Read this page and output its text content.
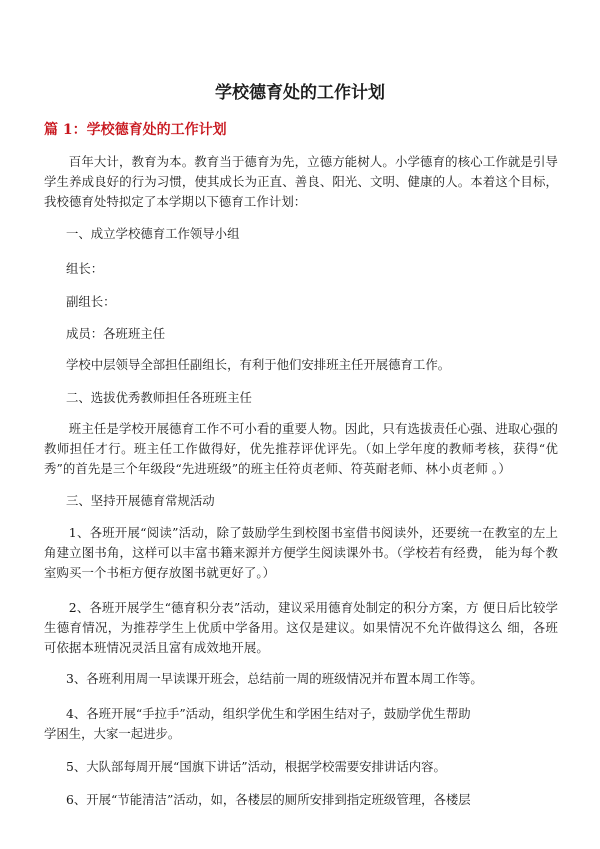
学校德育处的工作计划
篇 1：学校德育处的工作计划

百年大计，教育为本。教育当于德育为先，立德方能树人。小学德育的核心工作就是引导学生养成良好的行为习惯，使其成长为正直、善良、阳光、文明、健康的人。本着这个目标，我校德育处特拟定了本学期以下德育工作计划：

一、成立学校德育工作领导小组

组长：

副组长：

成员：各班班主任

学校中层领导全部担任副组长，有利于他们安排班主任开展德育工作。

二、选拔优秀教师担任各班班主任

班主任是学校开展德育工作不可小看的重要人物。因此，只有选拔责任心强、进取心强的教师担任才行。班主任工作做得好，优先推荐评优评先。（如上学年度的教师考核，获得“优秀”的首先是三个年级段“先进班级”的班主任符贞老师、符英耐老师、林小贞老师 。）

三、坚持开展德育常规活动

1、各班开展“阅读”活动，除了鼓励学生到校图书室借书阅读外，还要统一在教室的左上角建立图书角，这样可以丰富书籍来源并方便学生阅读课外书。（学校若有经费， 能为每个教室购买一个书柜方便存放图书就更好了。）

2、各班开展学生“德育积分表”活动，建议采用德育处制定的积分方案，方 便日后比较学生德育情况，为推荐学生上优质中学备用。这仅是建议。如果情况不允许做得这么 细，各班可依据本班情况灵活且富有成效地开展。

3、各班利用周一早读课开班会，总结前一周的班级情况并布置本周工作等。

4、各班开展“手拉手”活动，组织学优生和学困生结对子，鼓励学优生帮助

学困生，大家一起进步。

5、大队部每周开展“国旗下讲话”活动，根据学校需要安排讲话内容。

6、开展“节能清洁”活动，如，各楼层的厕所安排到指定班级管理，各楼层
